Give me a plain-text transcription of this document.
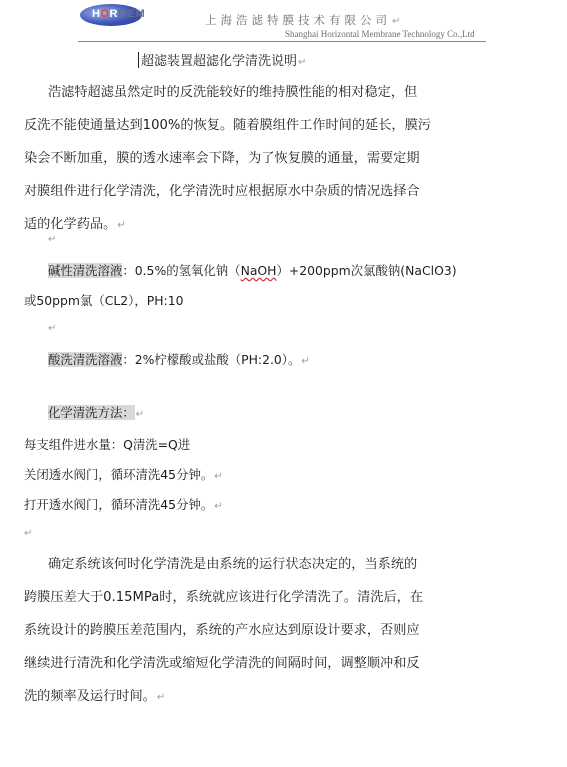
HORMEM	上海浩滤特膜技术有限公司↵
Shanghai Horizontal Membrane Technology Co.,Ltd
超滤装置超滤化学清洗说明↵
浩滤特超滤虽然定时的反洗能较好的维持膜性能的相对稳定，但
反洗不能使通量达到100%的恢复。随着膜组件工作时间的延长，膜污
染会不断加重，膜的透水速率会下降，为了恢复膜的通量，需要定期
对膜组件进行化学清洗，化学清洗时应根据原水中杂质的情况选择合
适的化学药品。↵
↵
碱性清洗溶液：0.5%的氢氧化钠（NaOH）+200ppm次氯酸钠(NaClO3)
或50ppm氯（CL2），PH:10
↵
酸洗清洗溶液：2%柠檬酸或盐酸（PH:2.0）。↵
化学清洗方法：↵
每支组件进水量：Q清洗=Q进
关闭透水阀门，循环清洗45分钟。↵
打开透水阀门，循环清洗45分钟。↵
↵
确定系统该何时化学清洗是由系统的运行状态决定的，当系统的
跨膜压差大于0.15MPa时，系统就应该进行化学清洗了。清洗后，在
系统设计的跨膜压差范围内，系统的产水应达到原设计要求，否则应
继续进行清洗和化学清洗或缩短化学清洗的间隔时间，调整顺冲和反
洗的频率及运行时间。↵
